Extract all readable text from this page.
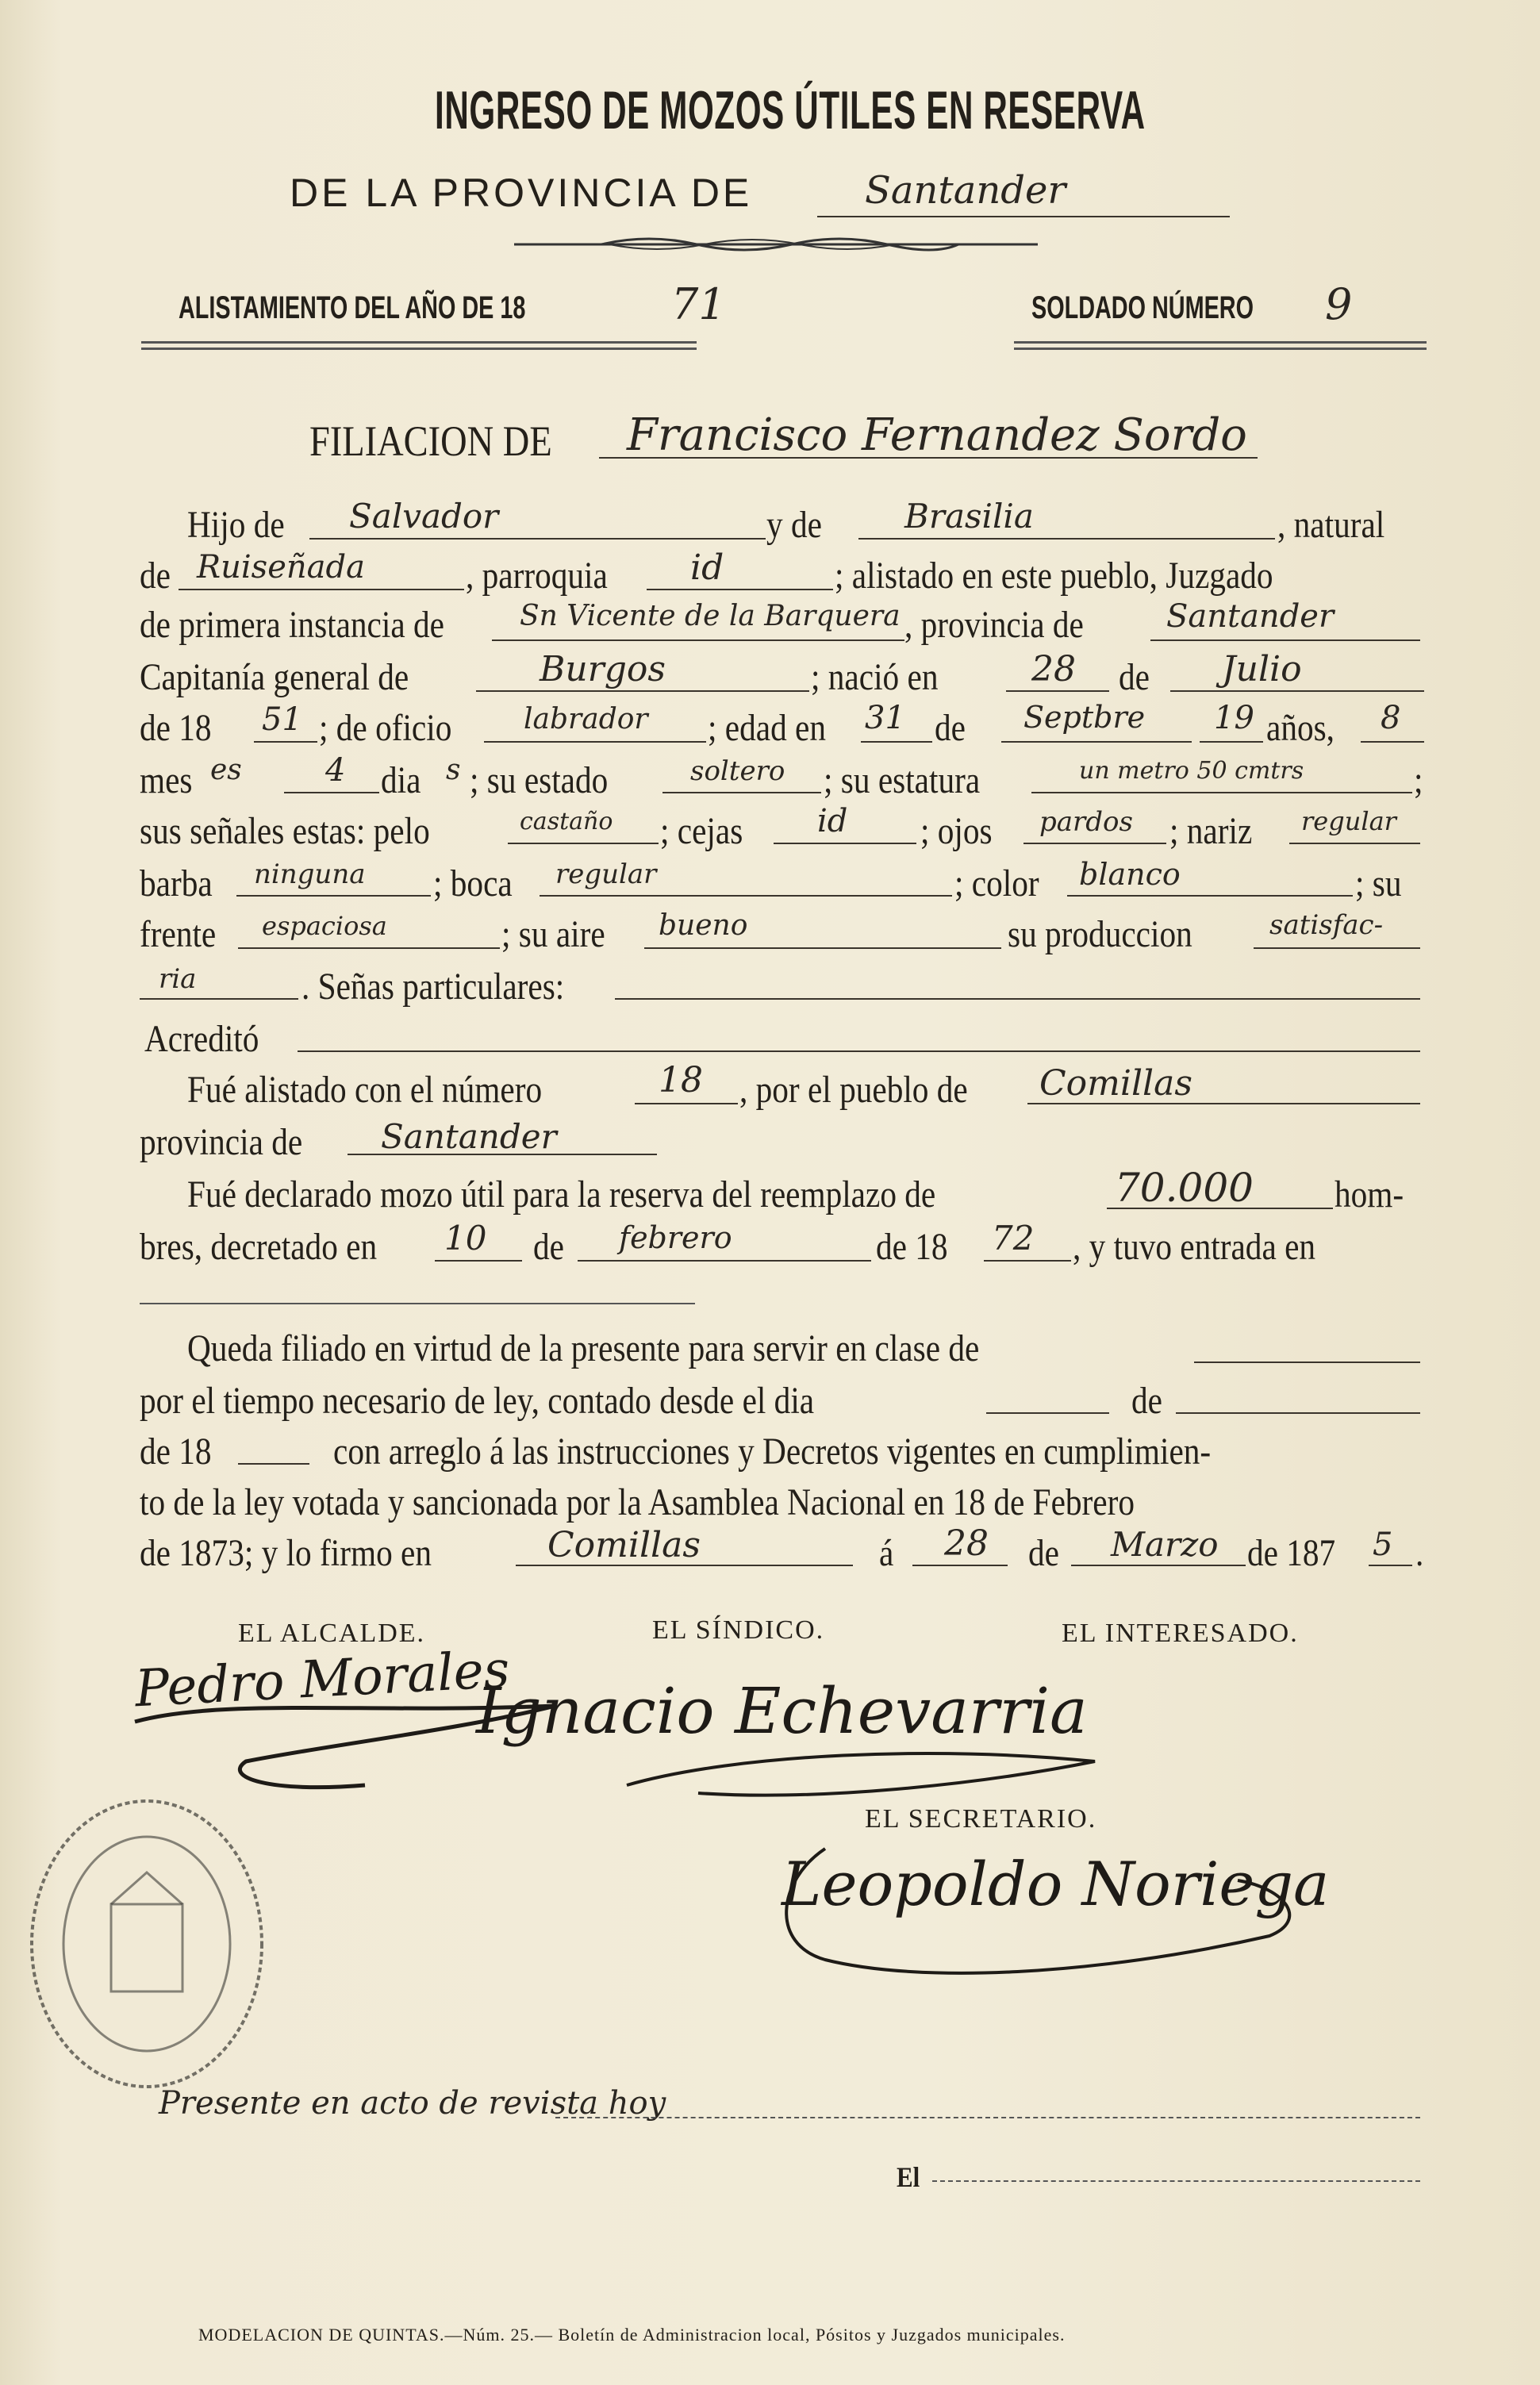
INGRESO DE MOZOS ÚTILES EN RESERVA
DE LA PROVINCIA DE	Santander
ALISTAMIENTO DEL AÑO DE 18	71	SOLDADO NÚMERO 9
FILIACION DE Francisco Fernandez Sordo
Hijo de Salvador	y de Brasilia	, natural
de Ruiseñada	, parroquia id	; alistado en este pueblo, Juzgado
de primera instancia de	Sn Vicente de la Barquera , provincia de	Santander
Capitanía general de	Burgos	; nació en	28 de Julio
de 18 51 ; de oficio	labrador ; edad en 31 de Septbre 19 años, 8
mes es	4 dia s ; su estado	soltero ; su estatura	un metro 50 cmtrs	;
sus señales estas: pelo	castaño ; cejas id ; ojos pardos ; nariz regular
barba ninguna ; boca regular	; color blanco	; su
frente espaciosa	; su aire bueno	su produccion	satisfac-
ria	. Señas particulares:
Acreditó
Fué alistado con el número	18 , por el pueblo de Comillas
provincia de Santander
Fué declarado mozo útil para la reserva del reemplazo de	70.000 hom-
bres, decretado en 10 de febrero	de 18 72 , y tuvo entrada en
Queda filiado en virtud de la presente para servir en clase de
por el tiempo necesario de ley, contado desde el dia	de
de 18	con arreglo á las instrucciones y Decretos vigentes en cumplimien-
to de la ley votada y sancionada por la Asamblea Nacional en 18 de Febrero
de 1873; y lo firmo en	Comillas	á 28 de Marzo de 187 5 .
EL ALCALDE.	EL SÍNDICO.	EL INTERESADO.
Pedro Morales
Ignacio Echevarria
EL SECRETARIO.
Leopoldo Noriega
Presente en acto de revista hoy
El
MODELACION DE QUINTAS.—Núm. 25.— Boletín de Administracion local, Pósitos y Juzgados municipales.
